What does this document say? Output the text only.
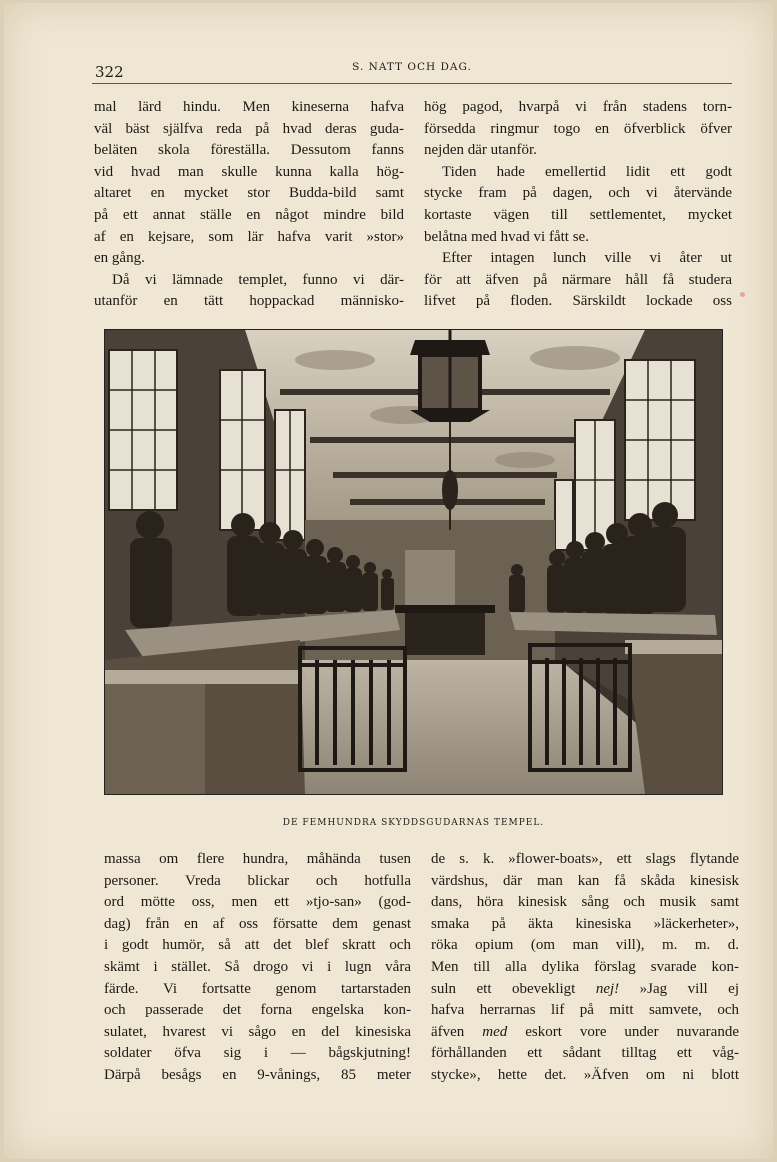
322	S. NATT OCH DAG.
mal lärd hindu. Men kineserna hafva
väl bäst själfva reda på hvad deras guda-
beläten skola föreställa. Dessutom fanns
vid hvad man skulle kunna kalla hög-
altaret en mycket stor Budda-bild samt
på ett annat ställe en något mindre bild
af en kejsare, som lär hafva varit »stor»
en gång.
Då vi lämnade templet, funno vi där-
utanför en tätt hoppackad människo-
hög pagod, hvarpå vi från stadens torn-
försedda ringmur togo en öfverblick öfver
nejden där utanför.
Tiden hade emellertid lidit ett godt
stycke fram på dagen, och vi återvände
kortaste vägen till settlementet, mycket
belåtna med hvad vi fått se.
Efter intagen lunch ville vi åter ut
för att äfven på närmare håll få studera
lifvet på floden. Särskildt lockade oss
DE FEMHUNDRA SKYDDSGUDARNAS TEMPEL.
massa om flere hundra, måhända tusen
personer. Vreda blickar och hotfulla
ord mötte oss, men ett »tjo-san» (god-
dag) från en af oss försatte dem genast
i godt humör, så att det blef skratt och
skämt i stället. Så drogo vi i lugn våra
färde. Vi fortsatte genom tartarstaden
och passerade det forna engelska kon-
sulatet, hvarest vi sågo en del kinesiska
soldater öfva sig i — bågskjutning!
Därpå besågs en 9-vånings, 85 meter
de s. k. »flower-boats», ett slags flytande
värdshus, där man kan få skåda kinesisk
dans, höra kinesisk sång och musik samt
smaka på äkta kinesiska »läckerheter»,
röka opium (om man vill), m. m. d.
Men till alla dylika förslag svarade kon-
suln ett obevekligt nej! »Jag vill ej
hafva herrarnas lif på mitt samvete, och
äfven med eskort vore under nuvarande
förhållanden ett sådant tilltag ett våg-
stycke», hette det. »Äfven om ni blott
